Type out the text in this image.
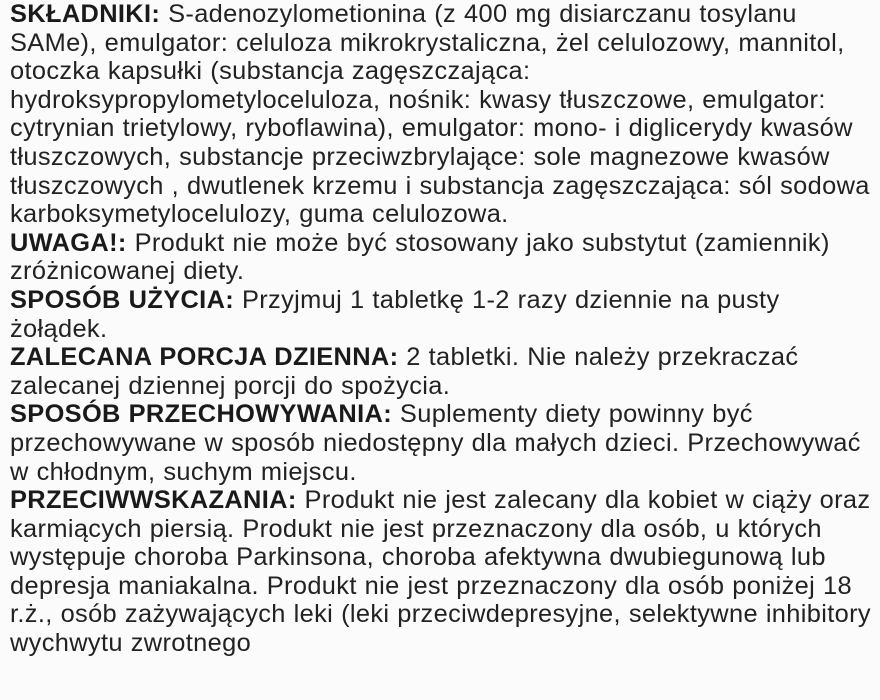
SKŁADNIKI: S-adenozylometionina (z 400 mg disiarczanu tosylanu SAMe), emulgator: celuloza mikrokrystaliczna, żel celulozowy, mannitol, otoczka kapsułki (substancja zagęszczająca: hydroksypropylometyloceluloza, nośnik: kwasy tłuszczowe, emulgator: cytrynian trietylowy, ryboflawina), emulgator: mono- i diglicerydy kwasów tłuszczowych, substancje przeciwzbrylające: sole magnezowe kwasów tłuszczowych , dwutlenek krzemu i substancja zagęszczająca: sól sodowa karboksymetylocelulozy, guma celulozowa.

UWAGA!: Produkt nie może być stosowany jako substytut (zamiennik) zróżnicowanej diety.

SPOSÓB UŻYCIA: Przyjmuj 1 tabletkę 1-2 razy dziennie na pusty żołądek.

ZALECANA PORCJA DZIENNA: 2 tabletki. Nie należy przekraczać zalecanej dziennej porcji do spożycia.

SPOSÓB PRZECHOWYWANIA: Suplementy diety powinny być przechowywane w sposób niedostępny dla małych dzieci. Przechowywać w chłodnym, suchym miejscu.

PRZECIWWSKAZANIA: Produkt nie jest zalecany dla kobiet w ciąży oraz karmiących piersią. Produkt nie jest przeznaczony dla osób, u których występuje choroba Parkinsona, choroba afektywna dwubiegunową lub depresja maniakalna. Produkt nie jest przeznaczony dla osób poniżej 18 r.ż., osób zażywających leki (leki przeciwdepresyjne, selektywne inhibitory wychwytu zwrotnego
